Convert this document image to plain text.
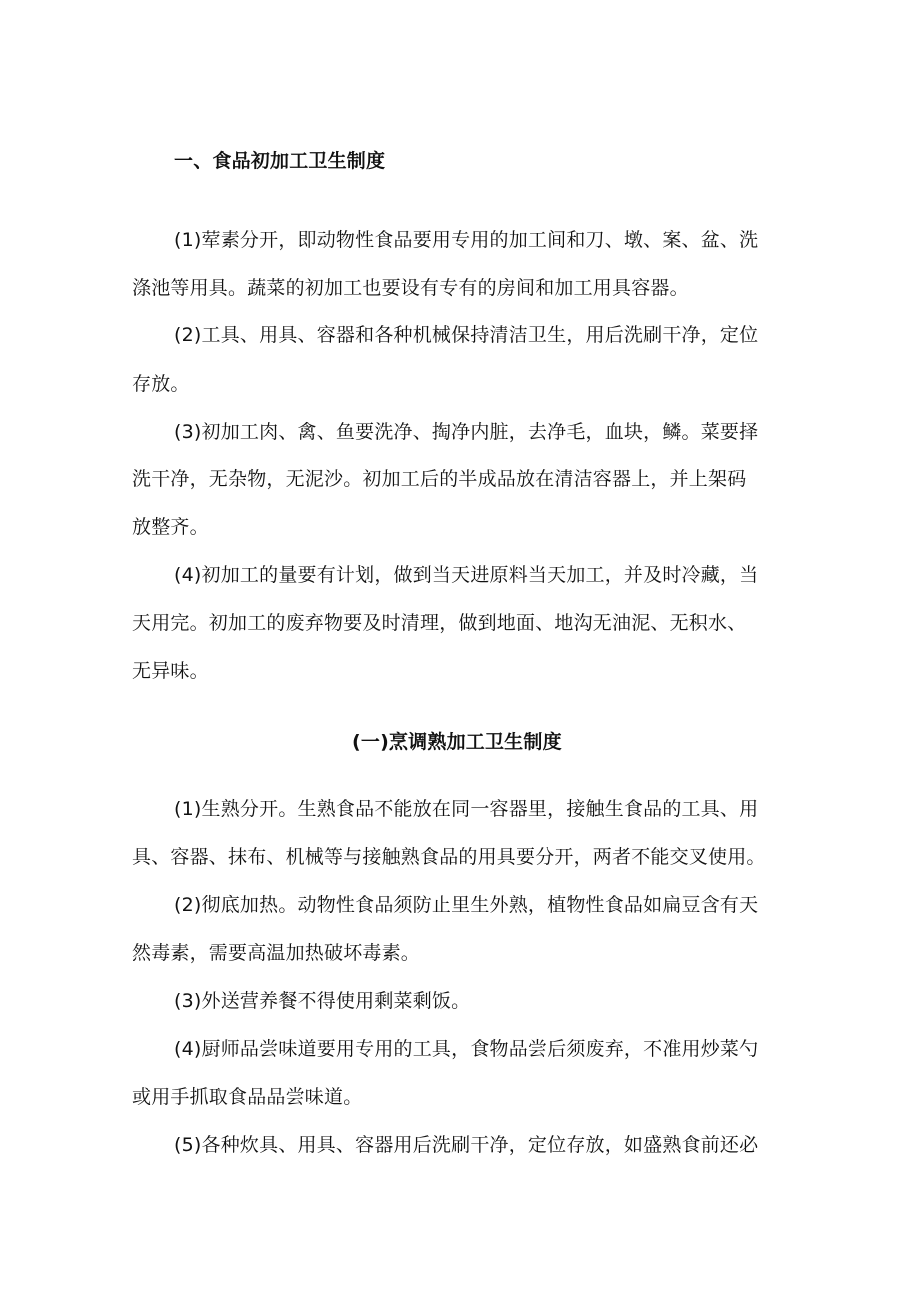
一、食品初加工卫生制度
(1)荤素分开，即动物性食品要用专用的加工间和刀、墩、案、盆、洗
涤池等用具。蔬菜的初加工也要设有专有的房间和加工用具容器。
(2)工具、用具、容器和各种机械保持清洁卫生，用后洗刷干净，定位
存放。
(3)初加工肉、禽、鱼要洗净、掏净内脏，去净毛，血块，鳞。菜要择
洗干净，无杂物，无泥沙。初加工后的半成品放在清洁容器上，并上架码
放整齐。
(4)初加工的量要有计划，做到当天进原料当天加工，并及时冷藏，当
天用完。初加工的废弃物要及时清理，做到地面、地沟无油泥、无积水、
无异味。
(一)烹调熟加工卫生制度
(1)生熟分开。生熟食品不能放在同一容器里，接触生食品的工具、用
具、容器、抹布、机械等与接触熟食品的用具要分开，两者不能交叉使用。
(2)彻底加热。动物性食品须防止里生外熟，植物性食品如扁豆含有天
然毒素，需要高温加热破坏毒素。
(3)外送营养餐不得使用剩菜剩饭。
(4)厨师品尝味道要用专用的工具，食物品尝后须废弃，不准用炒菜勺
或用手抓取食品品尝味道。
(5)各种炊具、用具、容器用后洗刷干净，定位存放，如盛熟食前还必
